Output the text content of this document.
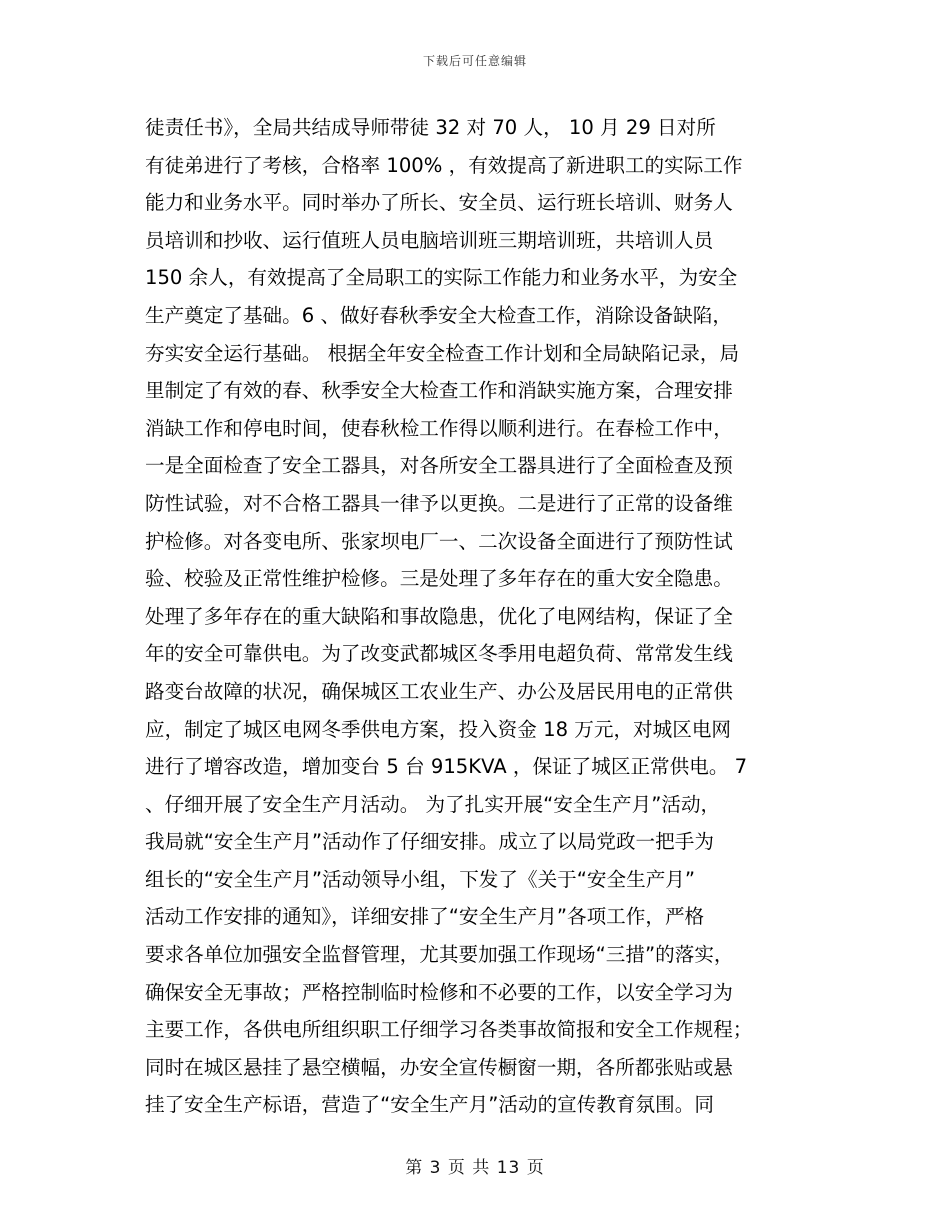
下载后可任意编辑
徒责任书》，全局共结成导师带徒 32 对 70 人， 10 月 29 日对所
有徒弟进行了考核，合格率 100% ，有效提高了新进职工的实际工作
能力和业务水平。同时举办了所长、安全员、运行班长培训、财务人
员培训和抄收、运行值班人员电脑培训班三期培训班，共培训人员
150 余人，有效提高了全局职工的实际工作能力和业务水平，为安全
生产奠定了基础。6 、做好春秋季安全大检查工作，消除设备缺陷，
夯实安全运行基础。 根据全年安全检查工作计划和全局缺陷记录，局
里制定了有效的春、秋季安全大检查工作和消缺实施方案，合理安排
消缺工作和停电时间，使春秋检工作得以顺利进行。在春检工作中，
一是全面检查了安全工器具，对各所安全工器具进行了全面检查及预
防性试验，对不合格工器具一律予以更换。二是进行了正常的设备维
护检修。对各变电所、张家坝电厂一、二次设备全面进行了预防性试
验、校验及正常性维护检修。三是处理了多年存在的重大安全隐患。
处理了多年存在的重大缺陷和事故隐患，优化了电网结构，保证了全
年的安全可靠供电。为了改变武都城区冬季用电超负荷、常常发生线
路变台故障的状况，确保城区工农业生产、办公及居民用电的正常供
应，制定了城区电网冬季供电方案，投入资金 18 万元，对城区电网
进行了增容改造，增加变台 5 台 915KVA ，保证了城区正常供电。 7
、仔细开展了安全生产月活动。 为了扎实开展“安全生产月”活动，
我局就“安全生产月”活动作了仔细安排。成立了以局党政一把手为
组长的“安全生产月”活动领导小组，下发了《关于“安全生产月”
活动工作安排的通知》，详细安排了“安全生产月”各项工作，严格
要求各单位加强安全监督管理，尤其要加强工作现场“三措”的落实，
确保安全无事故；严格控制临时检修和不必要的工作，以安全学习为
主要工作，各供电所组织职工仔细学习各类事故简报和安全工作规程；
同时在城区悬挂了悬空横幅，办安全宣传橱窗一期，各所都张贴或悬
挂了安全生产标语，营造了“安全生产月”活动的宣传教育氛围。同
第 3 页 共 13 页
